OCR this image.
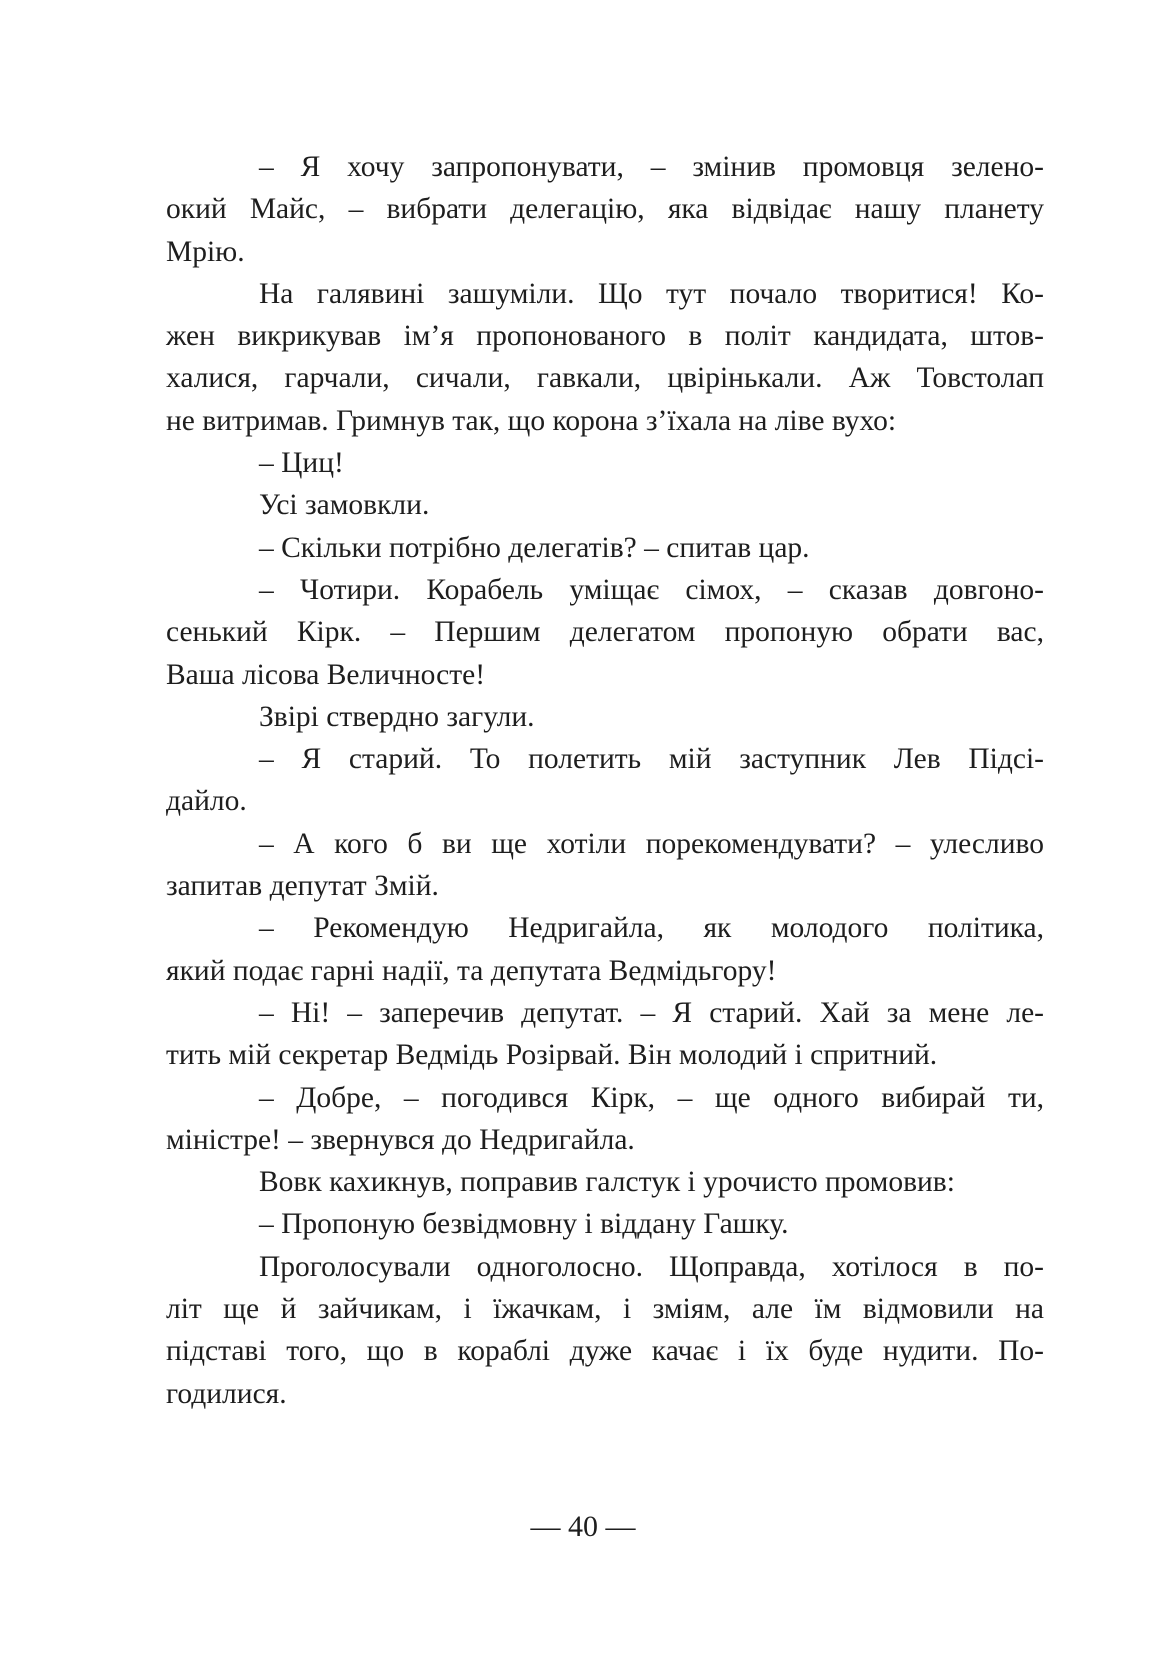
– Я хочу запропонувати, – змінив промовця зелено-
окий Майс, – вибрати делегацію, яка відвідає нашу планету
Мрію.
На галявині зашуміли. Що тут почало творитися! Ко-
жен викрикував ім’я пропонованого в політ кандидата, штов-
халися, гарчали, сичали, гавкали, цвірінькали. Аж Товстолап
не витримав. Гримнув так, що корона з’їхала на ліве вухо:
– Циц!
Усі замовкли.
– Скільки потрібно делегатів? – спитав цар.
– Чотири. Корабель уміщає сімох, – сказав довгоно-
сенький Кірк. – Першим делегатом пропоную обрати вас,
Ваша лісова Величносте!
Звірі ствердно загули.
– Я старий. То полетить мій заступник Лев Підсі-
дайло.
– А кого б ви ще хотіли порекомендувати? – улесливо
запитав депутат Змій.
– Рекомендую Недригайла, як молодого політика,
який подає гарні надії, та депутата Ведмідьгору!
– Ні! – заперечив депутат. – Я старий. Хай за мене ле-
тить мій секретар Ведмідь Розірвай. Він молодий і спритний.
– Добре, – погодився Кірк, – ще одного вибирай ти,
міністре! – звернувся до Недригайла.
Вовк кахикнув, поправив галстук і урочисто промовив:
– Пропоную безвідмовну і віддану Гашку.
Проголосували одноголосно. Щоправда, хотілося в по-
літ ще й зайчикам, і їжачкам, і зміям, але їм відмовили на
підставі того, що в кораблі дуже качає і їх буде нудити. По-
годилися.
— 40 —
